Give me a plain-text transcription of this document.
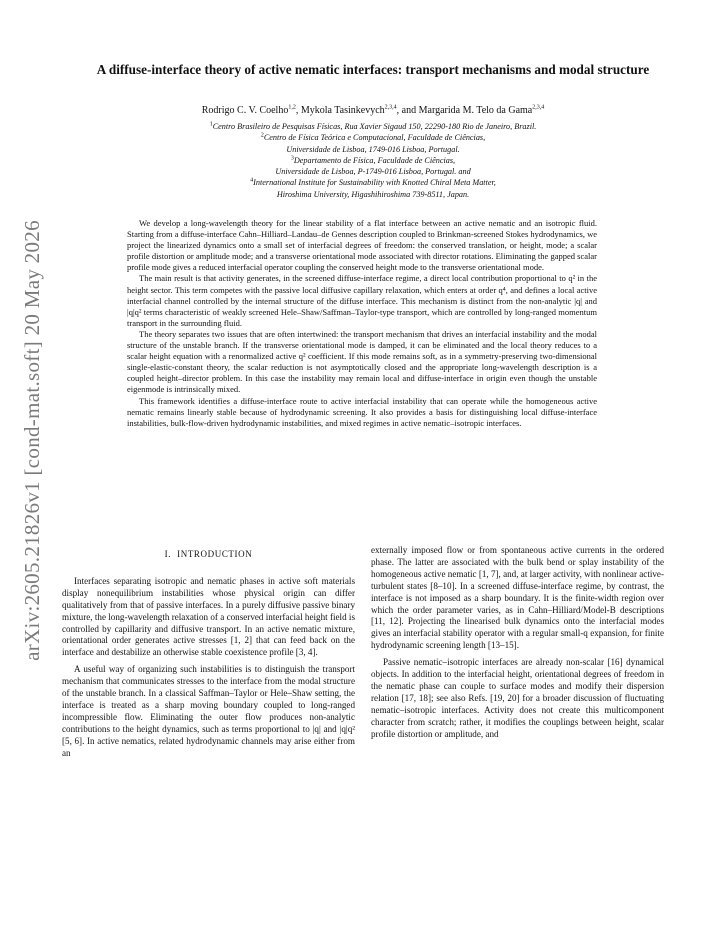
arXiv:2605.21826v1 [cond-mat.soft] 20 May 2026
A diffuse-interface theory of active nematic interfaces: transport mechanisms and modal structure
Rodrigo C. V. Coelho$^{1,2}$, Mykola Tasinkevych$^{2,3,4}$, and Margarida M. Telo da Gama$^{2,3,4}$
$^1$Centro Brasileiro de Pesquisas Físicas, Rua Xavier Sigaud 150, 22290-180 Rio de Janeiro, Brazil.
$^2$Centro de Física Teórica e Computacional, Faculdade de Ciências,
Universidade de Lisboa, 1749-016 Lisboa, Portugal.
$^3$Departamento de Física, Faculdade de Ciências,
Universidade de Lisboa, P-1749-016 Lisboa, Portugal. and
$^4$International Institute for Sustainability with Knotted Chiral Meta Matter,
Hiroshima University, Higashihiroshima 739-8511, Japan.

We develop a long-wavelength theory for the linear stability of a flat interface between an active nematic and an isotropic fluid. Starting from a diffuse-interface Cahn–Hilliard–Landau–de Gennes description coupled to Brinkman-screened Stokes hydrodynamics, we project the linearized dynamics onto a small set of interfacial degrees of freedom: the conserved translation, or height, mode; a scalar profile distortion or amplitude mode; and a transverse orientational mode associated with director rotations. Eliminating the gapped scalar profile mode gives a reduced interfacial operator coupling the conserved height mode to the transverse orientational mode.

The main result is that activity generates, in the screened diffuse-interface regime, a direct local contribution proportional to q² in the height sector. This term competes with the passive local diffusive capillary relaxation, which enters at order q⁴, and defines a local active interfacial channel controlled by the internal structure of the diffuse interface. This mechanism is distinct from the non-analytic |q| and |q|q² terms characteristic of weakly screened Hele–Shaw/Saffman–Taylor-type transport, which are controlled by long-ranged momentum transport in the surrounding fluid.

The theory separates two issues that are often intertwined: the transport mechanism that drives an interfacial instability and the modal structure of the unstable branch. If the transverse orientational mode is damped, it can be eliminated and the local theory reduces to a scalar height equation with a renormalized active q² coefficient. If this mode remains soft, as in a symmetry-preserving two-dimensional single-elastic-constant theory, the scalar reduction is not asymptotically closed and the appropriate long-wavelength description is a coupled height–director problem. In this case the instability may remain local and diffuse-interface in origin even though the unstable eigenmode is intrinsically mixed.

This framework identifies a diffuse-interface route to active interfacial instability that can operate while the homogeneous active nematic remains linearly stable because of hydrodynamic screening. It also provides a basis for distinguishing local diffuse-interface instabilities, bulk-flow-driven hydrodynamic instabilities, and mixed regimes in active nematic–isotropic interfaces.

I. INTRODUCTION

Interfaces separating isotropic and nematic phases in active soft materials display nonequilibrium instabilities whose physical origin can differ qualitatively from that of passive interfaces. In a purely diffusive passive binary mixture, the long-wavelength relaxation of a conserved interfacial height field is controlled by capillarity and diffusive transport. In an active nematic mixture, orientational order generates active stresses [1, 2] that can feed back on the interface and destabilize an otherwise stable coexistence profile [3, 4].

A useful way of organizing such instabilities is to distinguish the transport mechanism that communicates stresses to the interface from the modal structure of the unstable branch. In a classical Saffman–Taylor or Hele–Shaw setting, the interface is treated as a sharp moving boundary coupled to long-ranged incompressible flow. Eliminating the outer flow produces non-analytic contributions to the height dynamics, such as terms proportional to |q| and |q|q² [5, 6]. In active nematics, related hydrodynamic channels may arise either from an

externally imposed flow or from spontaneous active currents in the ordered phase. The latter are associated with the bulk bend or splay instability of the homogeneous active nematic [1, 7], and, at larger activity, with nonlinear active-turbulent states [8–10]. In a screened diffuse-interface regime, by contrast, the interface is not imposed as a sharp boundary. It is the finite-width region over which the order parameter varies, as in Cahn–Hilliard/Model-B descriptions [11, 12]. Projecting the linearised bulk dynamics onto the interfacial modes gives an interfacial stability operator with a regular small-q expansion, for finite hydrodynamic screening length [13–15].

Passive nematic–isotropic interfaces are already non-scalar [16] dynamical objects. In addition to the interfacial height, orientational degrees of freedom in the nematic phase can couple to surface modes and modify their dispersion relation [17, 18]; see also Refs. [19, 20] for a broader discussion of fluctuating nematic–isotropic interfaces. Activity does not create this multicomponent character from scratch; rather, it modifies the couplings between height, scalar profile distortion or amplitude, and
